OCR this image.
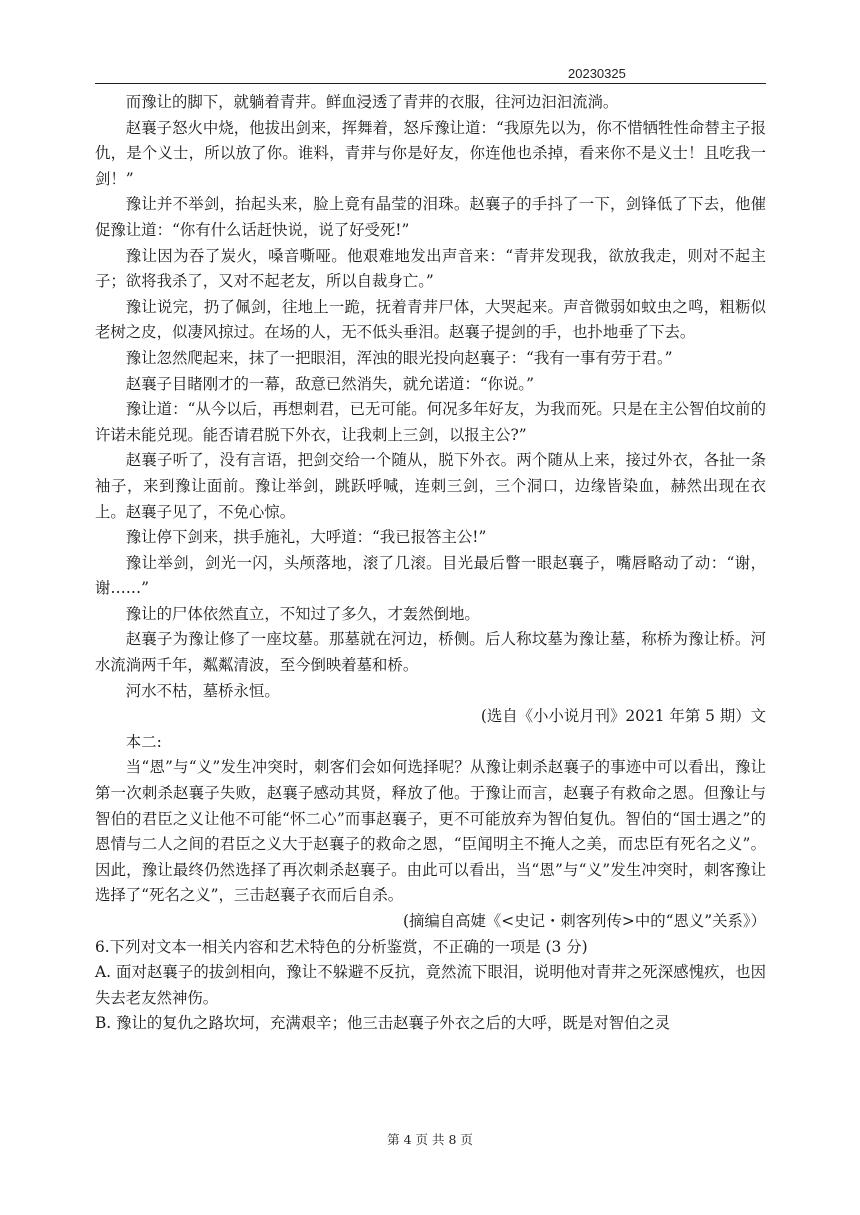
20230325

而豫让的脚下，就躺着青茾。鲜血浸透了青茾的衣服，往河边汩汩流淌。

赵襄子怒火中烧，他拔出剑来，挥舞着，怒斥豫让道：“我原先以为，你不惜牺牲性命替主子报仇，是个义士，所以放了你。谁料，青茾与你是好友，你连他也杀掉，看来你不是义士！且吃我一剑！”

豫让并不举剑，抬起头来，脸上竟有晶莹的泪珠。赵襄子的手抖了一下，剑锋低了下去，他催促豫让道：“你有什么话赶快说，说了好受死!”

豫让因为吞了炭火，嗓音嘶哑。他艰难地发出声音来：“青茾发现我，欲放我走，则对不起主子；欲将我杀了，又对不起老友，所以自裁身亡。”

豫让说完，扔了佩剑，往地上一跪，抚着青茾尸体，大哭起来。声音微弱如蚊虫之鸣，粗粝似老树之皮，似凄风掠过。在场的人，无不低头垂泪。赵襄子提剑的手，也扑地垂了下去。

豫让忽然爬起来，抹了一把眼泪，浑浊的眼光投向赵襄子：“我有一事有劳于君。”

赵襄子目睹刚才的一幕，敌意已然消失，就允诺道：“你说。”

豫让道：“从今以后，再想刺君，已无可能。何况多年好友，为我而死。只是在主公智伯坟前的许诺未能兑现。能否请君脱下外衣，让我刺上三剑，以报主公?”

赵襄子听了，没有言语，把剑交给一个随从，脱下外衣。两个随从上来，接过外衣，各扯一条袖子，来到豫让面前。豫让举剑，跳跃呼喊，连刺三剑，三个洞口，边缘皆染血，赫然出现在衣上。赵襄子见了，不免心惊。

豫让停下剑来，拱手施礼，大呼道：“我已报答主公!”

豫让举剑，剑光一闪，头颅落地，滚了几滚。目光最后瞥一眼赵襄子，嘴唇略动了动：“谢，谢……”

豫让的尸体依然直立，不知过了多久，才轰然倒地。

赵襄子为豫让修了一座坟墓。那墓就在河边，桥侧。后人称坟墓为豫让墓，称桥为豫让桥。河水流淌两千年，粼粼清波，至今倒映着墓和桥。

河水不枯，墓桥永恒。

(选自《小小说月刊》2021 年第 5 期）文

本二:

当“恩”与“义”发生冲突时，刺客们会如何选择呢？从豫让刺杀赵襄子的事迹中可以看出，豫让第一次刺杀赵襄子失败，赵襄子感动其贤，释放了他。于豫让而言，赵襄子有救命之恩。但豫让与智伯的君臣之义让他不可能“怀二心”而事赵襄子，更不可能放弃为智伯复仇。智伯的“国士遇之”的恩情与二人之间的君臣之义大于赵襄子的救命之恩，“臣闻明主不掩人之美，而忠臣有死名之义”。因此，豫让最终仍然选择了再次刺杀赵襄子。由此可以看出，当“恩”与“义”发生冲突时，刺客豫让选择了“死名之义”，三击赵襄子衣而后自杀。

(摘编自高婕《<史记・刺客列传>中的“恩义”关系》）

6.下列对文本一相关内容和艺术特色的分析鉴赏，不正确的一项是 (3 分)

A. 面对赵襄子的拔剑相向，豫让不躲避不反抗，竟然流下眼泪，说明他对青茾之死深感愧疚，也因失去老友然神伤。

B. 豫让的复仇之路坎坷，充满艰辛；他三击赵襄子外衣之后的大呼，既是对智伯之灵

第 4 页 共 8 页
